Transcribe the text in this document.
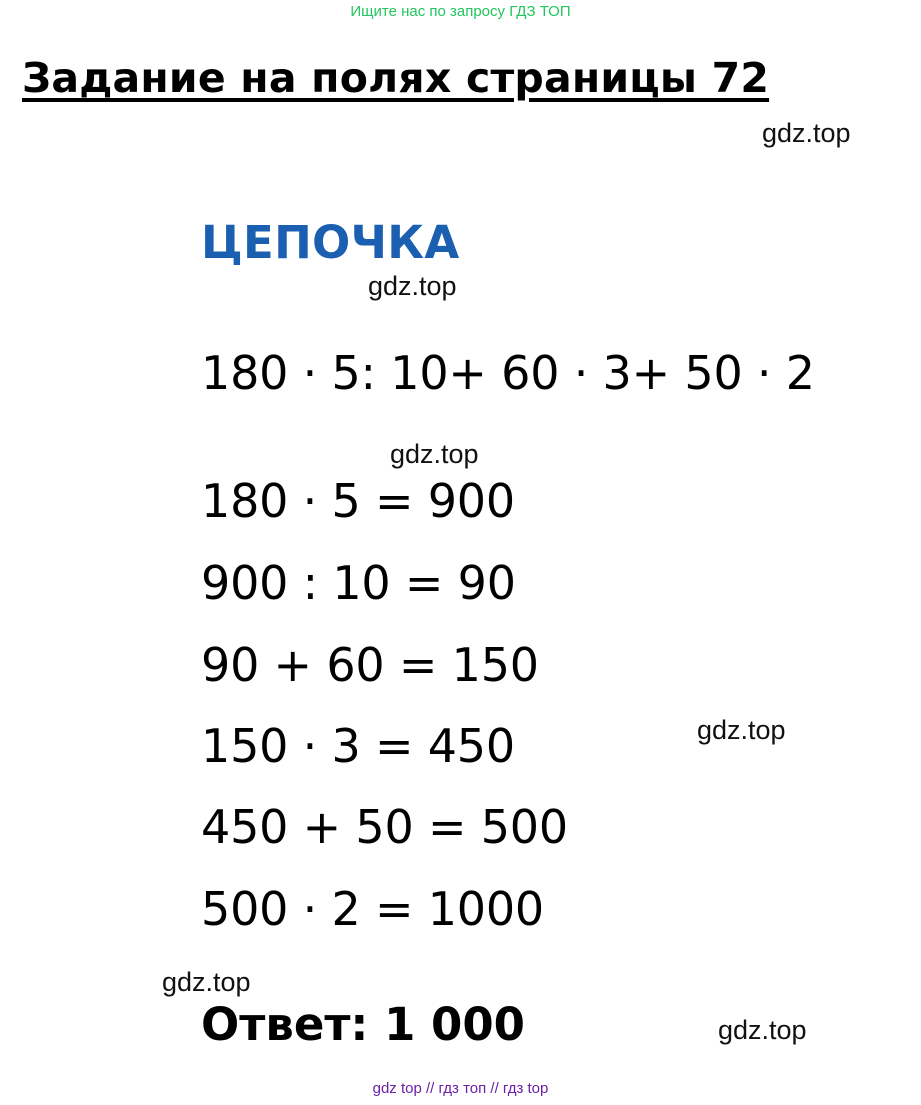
Ищите нас по запросу ГДЗ ТОП
Задание на полях страницы 72
gdz.top
ЦЕПОЧКА
gdz.top
180 · 5: 10+ 60 · 3+ 50 · 2
gdz.top
180 · 5 = 900
900 : 10 = 90
90 + 60 = 150
gdz.top
150 · 3 = 450
450 + 50 = 500
500 · 2 = 1000
gdz.top
Ответ: 1 000	gdz.top
gdz top // гдз топ // гдз top
